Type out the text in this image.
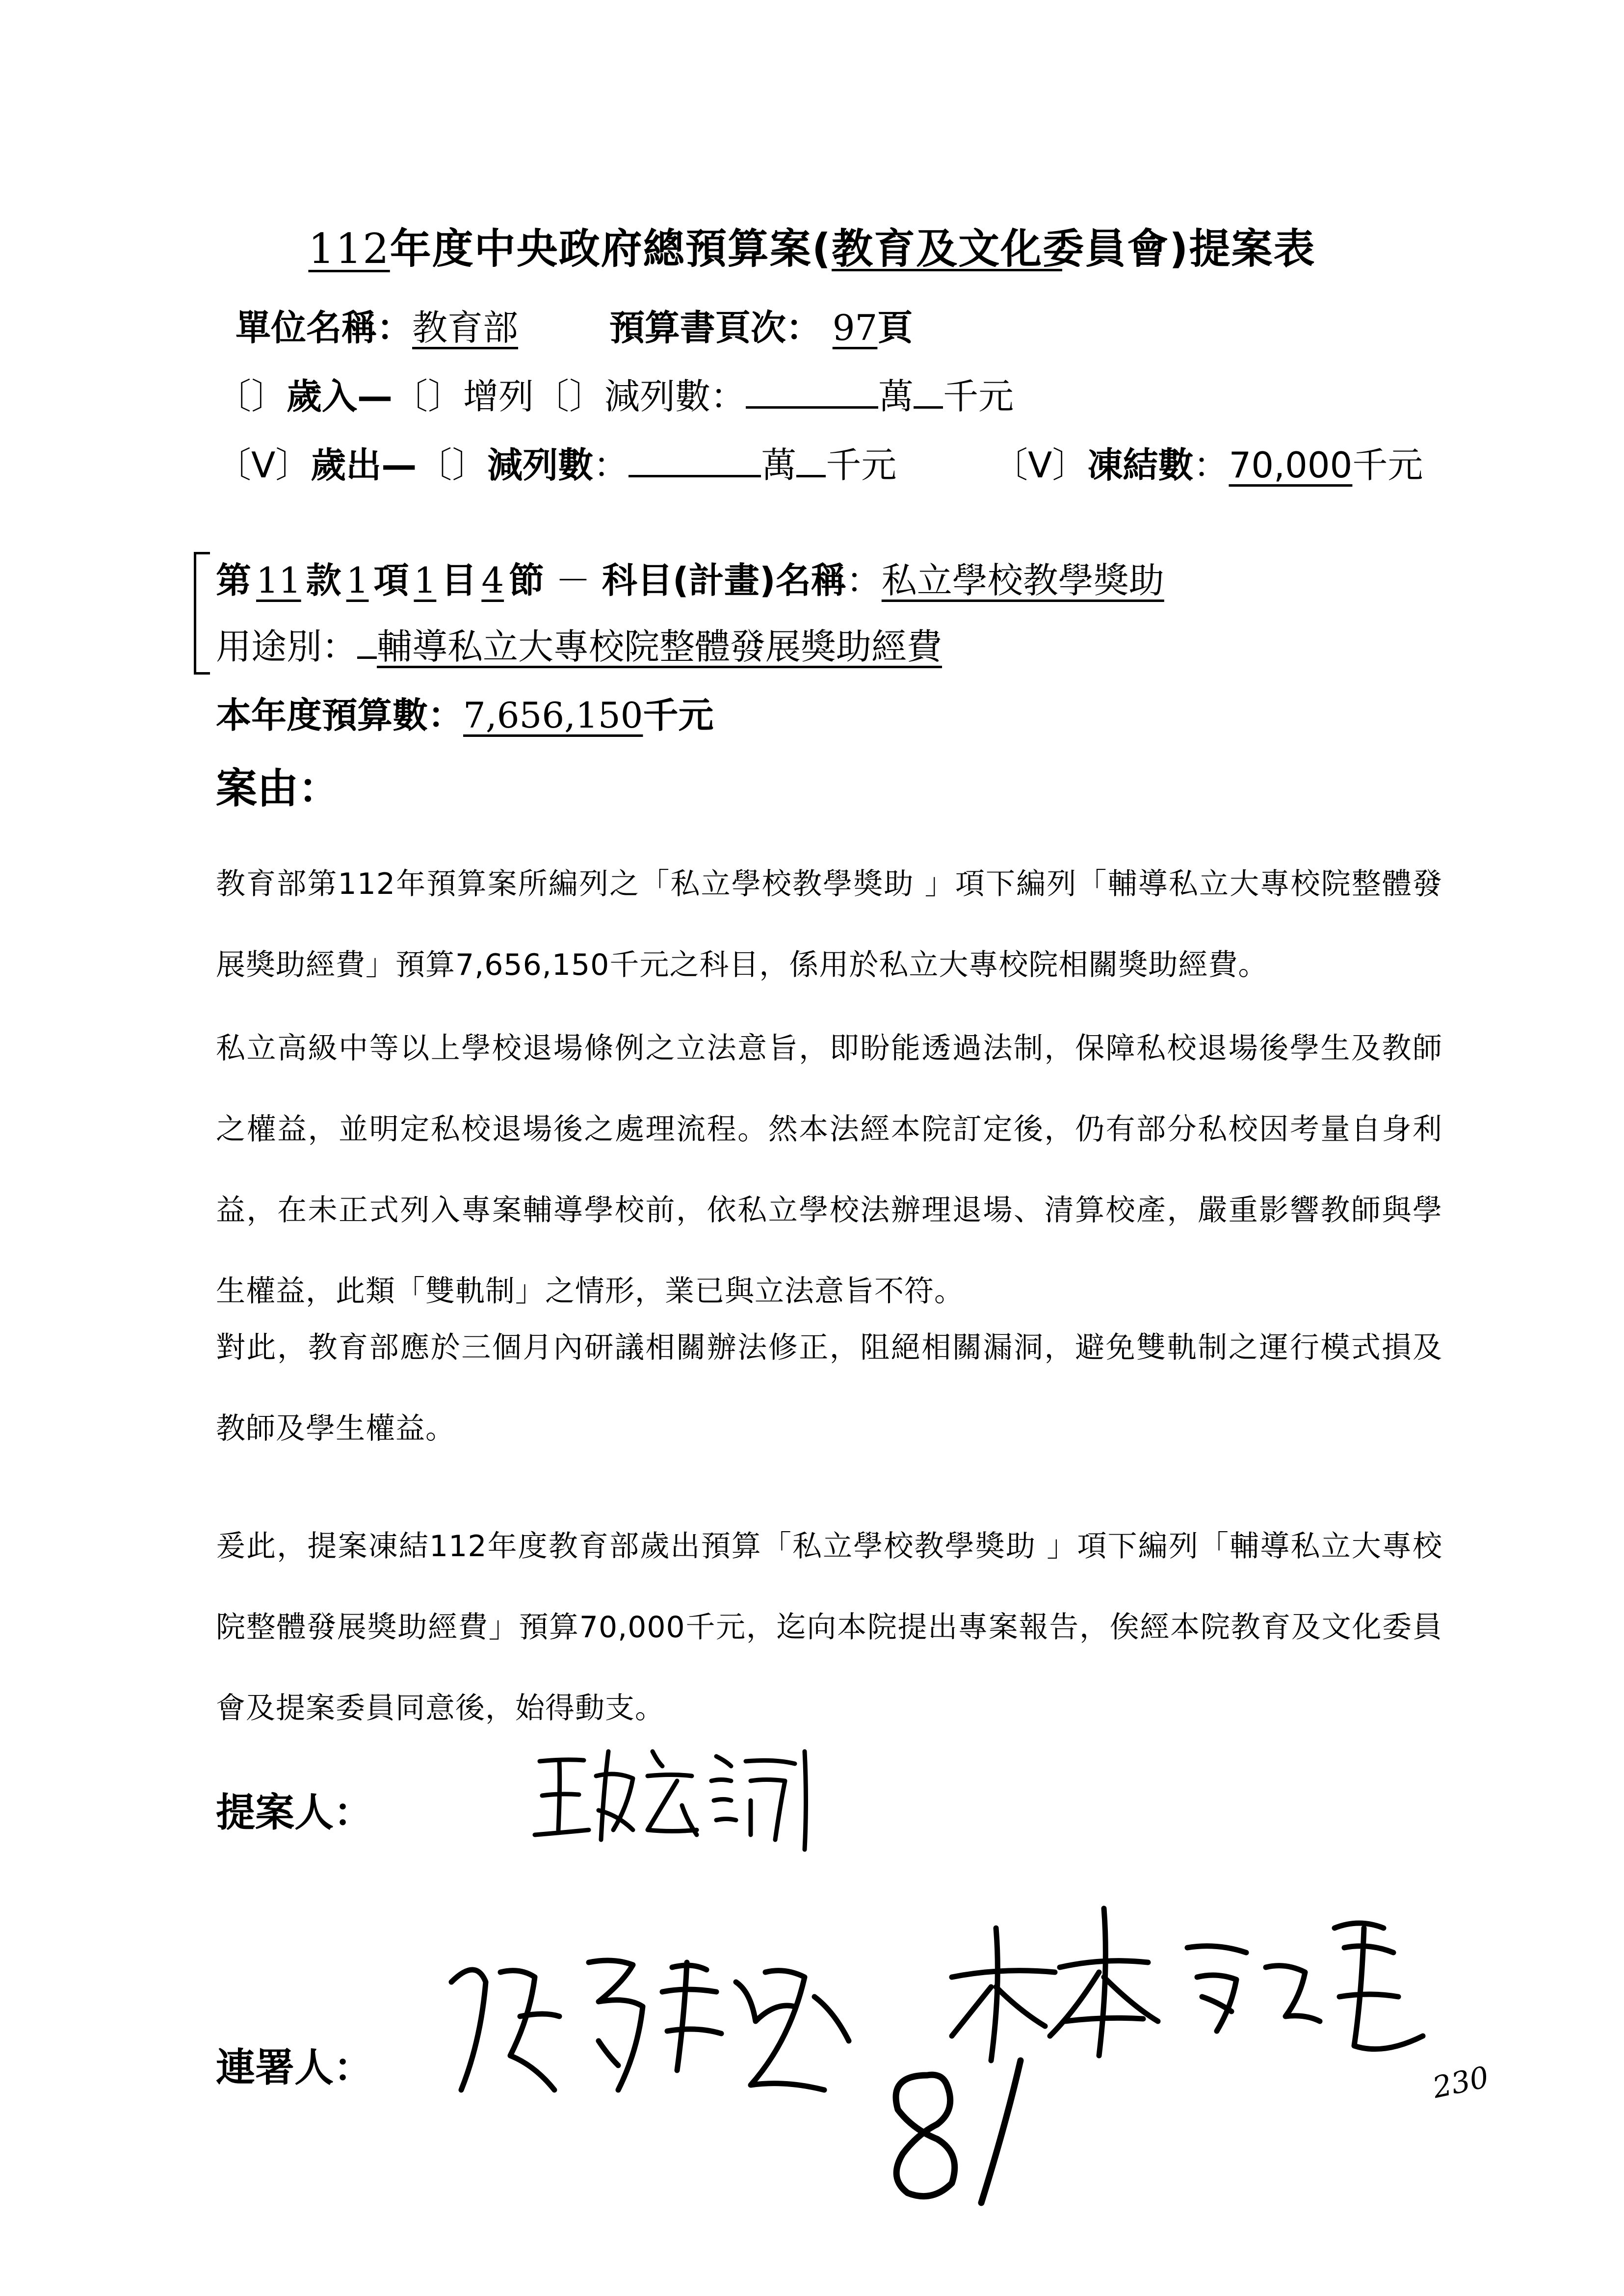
112年度中央政府總預算案(教育及文化委員會)提案表
單位名稱：教育部	預算書頁次： 97頁
〔〕歲入—〔〕增列〔〕減列數：	萬 千元
〔V〕歲出—〔〕減列數：	萬 千元	〔V〕凍結數：70,000千元
第 11 款 1 項 1 目 4 節 － 科目(計畫)名稱：私立學校教學獎助
用途別： 輔導私立大專校院整體發展獎助經費
本年度預算數：7,656,150千元
案由：
教育部第112年預算案所編列之「私立學校教學獎助 」項下編列「輔導私立大專校院整體發展獎助經費」預算7,656,150千元之科目，係用於私立大專校院相關獎助經費。
私立高級中等以上學校退場條例之立法意旨，即盼能透過法制，保障私校退場後學生及教師之權益，並明定私校退場後之處理流程。然本法經本院訂定後，仍有部分私校因考量自身利益，在未正式列入專案輔導學校前，依私立學校法辦理退場、清算校產，嚴重影響教師與學生權益，此類「雙軌制」之情形，業已與立法意旨不符。
對此，教育部應於三個月內研議相關辦法修正，阻絕相關漏洞，避免雙軌制之運行模式損及教師及學生權益。
爰此，提案凍結112年度教育部歲出預算「私立學校教學獎助 」項下編列「輔導私立大專校院整體發展獎助經費」預算70,000千元，迄向本院提出專案報告，俟經本院教育及文化委員會及提案委員同意後，始得動支。
提案人：
連署人：	81
230
